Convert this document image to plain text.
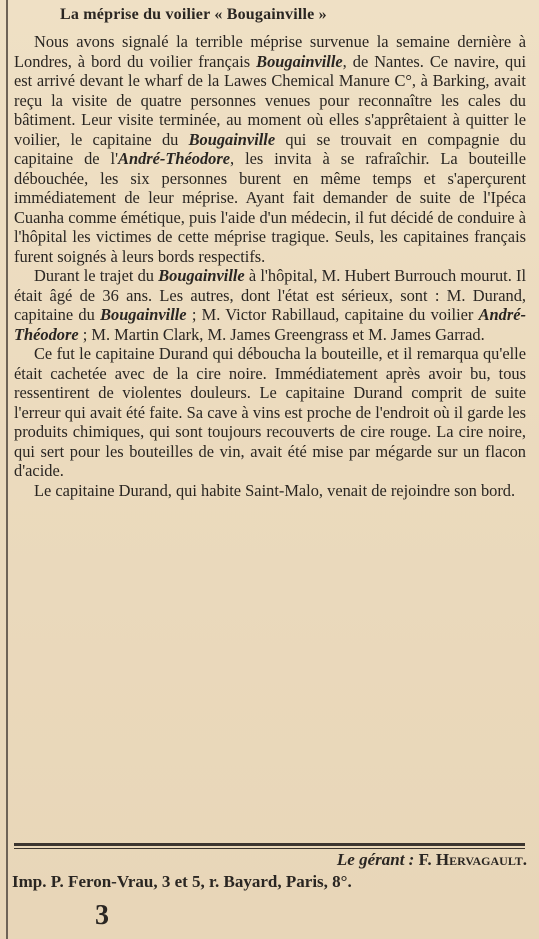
La méprise du voilier « Bougainville »

Nous avons signalé la terrible méprise survenue la semaine dernière à Londres, à bord du voilier français Bougainville, de Nantes. Ce navire, qui est arrivé devant le wharf de la Lawes Chemical Manure C°, à Barking, avait reçu la visite de quatre personnes venues pour reconnaître les cales du bâtiment. Leur visite terminée, au moment où elles s'apprêtaient à quitter le voilier, le capitaine du Bougainville qui se trouvait en compagnie du capitaine de l'André-Théodore, les invita à se rafraîchir. La bouteille débouchée, les six personnes burent en même temps et s'aperçurent immédiatement de leur méprise. Ayant fait demander de suite de l'Ipéca Cuanha comme émétique, puis l'aide d'un médecin, il fut décidé de conduire à l'hôpital les victimes de cette méprise tragique. Seuls, les capitaines français furent soignés à leurs bords respectifs.

Durant le trajet du Bougainville à l'hôpital, M. Hubert Burrouch mourut. Il était âgé de 36 ans. Les autres, dont l'état est sérieux, sont : M. Durand, capitaine du Bougainville ; M. Victor Rabillaud, capitaine du voilier André-Théodore ; M. Martin Clark, M. James Greengrass et M. James Garrad.

Ce fut le capitaine Durand qui déboucha la bouteille, et il remarqua qu'elle était cachetée avec de la cire noire. Immédiatement après avoir bu, tous ressentirent de violentes douleurs. Le capitaine Durand comprit de suite l'erreur qui avait été faite. Sa cave à vins est proche de l'endroit où il garde les produits chimiques, qui sont toujours recouverts de cire rouge. La cire noire, qui sert pour les bouteilles de vin, avait été mise par mégarde sur un flacon d'acide.

Le capitaine Durand, qui habite Saint-Malo, venait de rejoindre son bord.

Le gérant : F. Hervagault.
Imp. P. Feron-Vrau, 3 et 5, r. Bayard, Paris, 8°.
3
